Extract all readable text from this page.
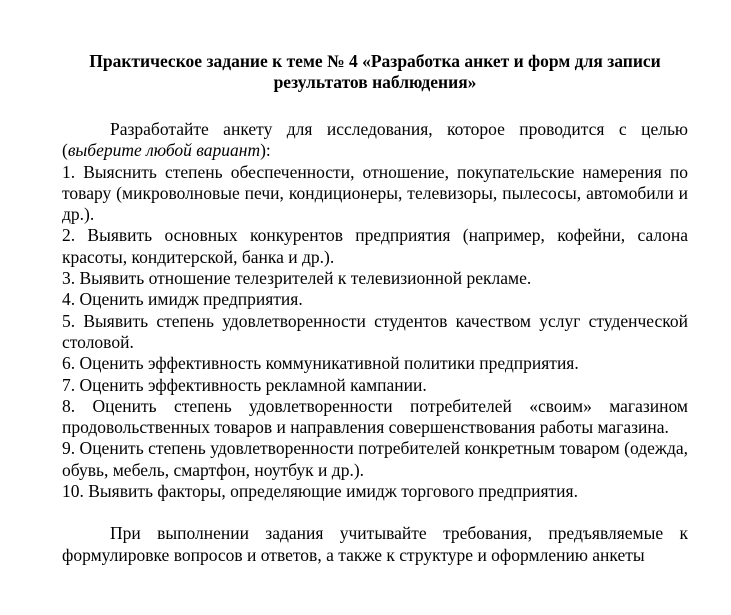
Практическое задание к теме № 4 «Разработка анкет и форм для записи
результатов наблюдения»

Разработайте анкету для исследования, которое проводится с целью (выберите любой вариант):

1. Выяснить степень обеспеченности, отношение, покупательские намерения по товару (микроволновые печи, кондиционеры, телевизоры, пылесосы, автомобили и др.).
2. Выявить основных конкурентов предприятия (например, кофейни, салона красоты, кондитерской, банка и др.).
3. Выявить отношение телезрителей к телевизионной рекламе.
4. Оценить имидж предприятия.
5. Выявить степень удовлетворенности студентов качеством услуг студенческой столовой.
6. Оценить эффективность коммуникативной политики предприятия.
7. Оценить эффективность рекламной кампании.
8. Оценить степень удовлетворенности потребителей «своим» магазином продовольственных товаров и направления совершенствования работы магазина.
9. Оценить степень удовлетворенности потребителей конкретным товаром (одежда, обувь, мебель, смартфон, ноутбук и др.).
10. Выявить факторы, определяющие имидж торгового предприятия.

При выполнении задания учитывайте требования, предъявляемые к формулировке вопросов и ответов, а также к структуре и оформлению анкеты
